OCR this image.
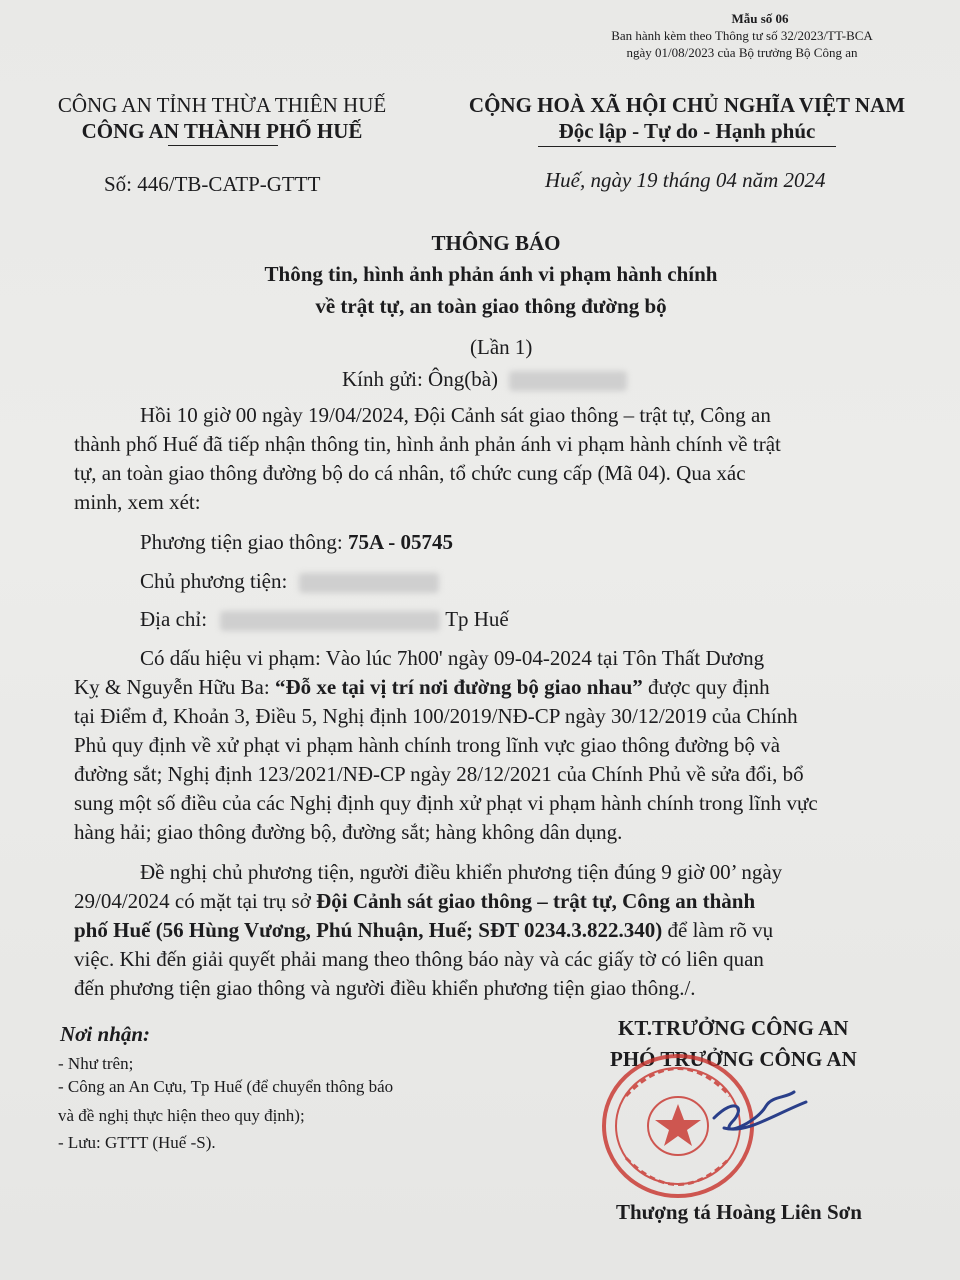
Mẫu số 06
Ban hành kèm theo Thông tư số 32/2023/TT-BCA
ngày 01/08/2023 của Bộ trưởng Bộ Công an
CÔNG AN TỈNH THỪA THIÊN HUẾ
CÔNG AN THÀNH PHỐ HUẾ
Số: 446/TB-CATP-GTTT
CỘNG HOÀ XÃ HỘI CHỦ NGHĨA VIỆT NAM
Độc lập - Tự do - Hạnh phúc
Huế, ngày 19 tháng 04 năm 2024
THÔNG BÁO
Thông tin, hình ảnh phản ánh vi phạm hành chính
về trật tự, an toàn giao thông đường bộ
(Lần 1)
Kính gửi: Ông(bà)
Hồi 10 giờ 00 ngày 19/04/2024, Đội Cảnh sát giao thông – trật tự, Công an
thành phố Huế đã tiếp nhận thông tin, hình ảnh phản ánh vi phạm hành chính về trật
tự, an toàn giao thông đường bộ do cá nhân, tổ chức cung cấp (Mã 04). Qua xác
minh, xem xét:
Phương tiện giao thông: 75A - 05745
Chủ phương tiện:
Địa chỉ:	Tp Huế
Có dấu hiệu vi phạm: Vào lúc 7h00' ngày 09-04-2024 tại Tôn Thất Dương
Kỵ & Nguyễn Hữu Ba: “Đỗ xe tại vị trí nơi đường bộ giao nhau” được quy định
tại Điểm đ, Khoản 3, Điều 5, Nghị định 100/2019/NĐ-CP ngày 30/12/2019 của Chính
Phủ quy định về xử phạt vi phạm hành chính trong lĩnh vực giao thông đường bộ và
đường sắt; Nghị định 123/2021/NĐ-CP ngày 28/12/2021 của Chính Phủ về sửa đổi, bổ
sung một số điều của các Nghị định quy định xử phạt vi phạm hành chính trong lĩnh vực
hàng hải; giao thông đường bộ, đường sắt; hàng không dân dụng.
Đề nghị chủ phương tiện, người điều khiển phương tiện đúng 9 giờ 00’ ngày
29/04/2024 có mặt tại trụ sở Đội Cảnh sát giao thông – trật tự, Công an thành
phố Huế (56 Hùng Vương, Phú Nhuận, Huế; SĐT 0234.3.822.340) để làm rõ vụ
việc. Khi đến giải quyết phải mang theo thông báo này và các giấy tờ có liên quan
đến phương tiện giao thông và người điều khiển phương tiện giao thông./.
Nơi nhận:
- Như trên;
- Công an An Cựu, Tp Huế (để chuyển thông báo
và đề nghị thực hiện theo quy định);
- Lưu: GTTT (Huế -S).
KT.TRƯỞNG CÔNG AN
PHÓ TRƯỞNG CÔNG AN
Thượng tá Hoàng Liên Sơn
